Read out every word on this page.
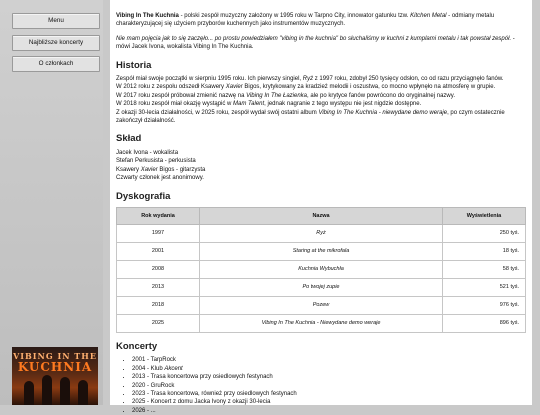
Menu
Najbliższe koncerty
O członkach
VIBING IN THE
KUCHNIA

Vibing In The Kuchnia - polski zespół muzyczny założony w 1995 roku w Tarpno City, innowator gatunku tzw. Kitchen Metal - odmiany metalu charakteryzującej się użyciem przyborów kuchennych jako instrumentów muzycznych.

Nie mam pojęcia jak to się zaczęło... po prostu powiedziałem "vibing in the kuchnia" bo słuchaliśmy w kuchni z kumplami metalu i tak powstał zespół. - mówi Jacek Ivona, wokalista Vibing In The Kuchnia.

Historia
Zespół miał swoje początki w sierpniu 1995 roku. Ich pierwszy singiel, Ryż z 1997 roku, zdobył 250 tysięcy odsłon, co od razu przyciągnęło fanów.
W 2012 roku z zespołu odszedł Ksawery Xavier Bigos, krytykowany za kradzież melodii i oszustwa, co mocno wpłynęło na atmosferę w grupie.
W 2017 roku zespół próbował zmienić nazwę na Vibing In The Łazienka, ale po krytyce fanów powrócono do oryginalnej nazwy.
W 2018 roku zespół miał okazję wystąpić w Mam Talent, jednak nagranie z tego występu nie jest nigdzie dostępne.
Z okazji 30-lecia działalności, w 2025 roku, zespół wydał swój ostatni album Vibing In The Kuchnia - niewydane demo weraje, po czym ostatecznie zakończył działalność.
Skład
Jacek Ivona - wokalista
Stefan Perkusista - perkusista
Ksawery Xavier Bigos - gitarzysta
Czwarty członek jest anonimowy.
Dyskografia
Rok wydania	Nazwa	Wyświetlenia
1997	Ryż	250 tyś.
2001	Staring at the mikrofala	18 tyś.
2008	Kuchnia Wybuchła	58 tyś.
2013	Po twojej zupie	521 tyś.
2018	Pozew	976 tyś.
2025	Vibing In The Kuchnia - Niewydane demo weraje	896 tyś.
Koncerty
• 2001 - TarpRock
• 2004 - Klub Akcent
• 2013 - Trasa koncertowa przy osiedlowych festynach
• 2020 - GruRock
• 2023 - Trasa koncertowa, również przy osiedlowych festynach
• 2025 - Koncert z domu Jacka Ivony z okazji 30-lecia
• 2026 - ...
